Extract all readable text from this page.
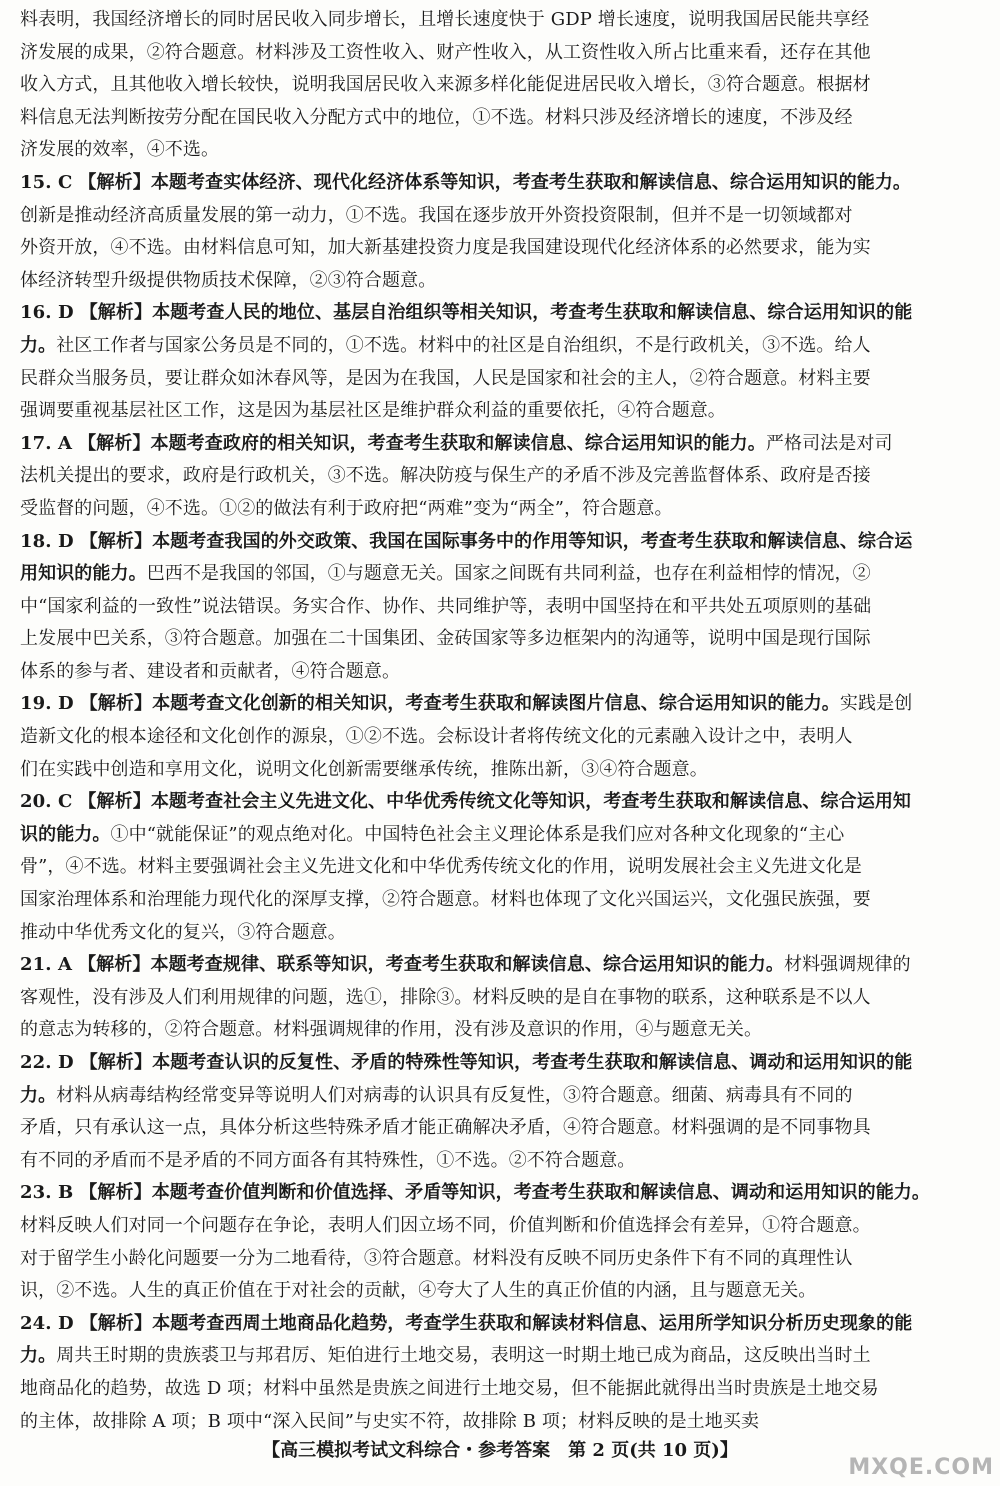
料表明，我国经济增长的同时居民收入同步增长，且增长速度快于 GDP 增长速度，说明我国居民能共享经
济发展的成果，②符合题意。材料涉及工资性收入、财产性收入，从工资性收入所占比重来看，还存在其他
收入方式，且其他收入增长较快，说明我国居民收入来源多样化能促进居民收入增长，③符合题意。根据材
料信息无法判断按劳分配在国民收入分配方式中的地位，①不选。材料只涉及经济增长的速度，不涉及经
济发展的效率，④不选。
15. C 【解析】本题考查实体经济、现代化经济体系等知识，考查考生获取和解读信息、综合运用知识的能力。
创新是推动经济高质量发展的第一动力，①不选。我国在逐步放开外资投资限制，但并不是一切领域都对
外资开放，④不选。由材料信息可知，加大新基建投资力度是我国建设现代化经济体系的必然要求，能为实
体经济转型升级提供物质技术保障，②③符合题意。
16. D 【解析】本题考查人民的地位、基层自治组织等相关知识，考查考生获取和解读信息、综合运用知识的能
力。社区工作者与国家公务员是不同的，①不选。材料中的社区是自治组织，不是行政机关，③不选。给人
民群众当服务员，要让群众如沐春风等，是因为在我国，人民是国家和社会的主人，②符合题意。材料主要
强调要重视基层社区工作，这是因为基层社区是维护群众利益的重要依托，④符合题意。
17. A 【解析】本题考查政府的相关知识，考查考生获取和解读信息、综合运用知识的能力。严格司法是对司
法机关提出的要求，政府是行政机关，③不选。解决防疫与保生产的矛盾不涉及完善监督体系、政府是否接
受监督的问题，④不选。①②的做法有利于政府把“两难”变为“两全”，符合题意。
18. D 【解析】本题考查我国的外交政策、我国在国际事务中的作用等知识，考查考生获取和解读信息、综合运
用知识的能力。巴西不是我国的邻国，①与题意无关。国家之间既有共同利益，也存在利益相悖的情况，②
中“国家利益的一致性”说法错误。务实合作、协作、共同维护等，表明中国坚持在和平共处五项原则的基础
上发展中巴关系，③符合题意。加强在二十国集团、金砖国家等多边框架内的沟通等，说明中国是现行国际
体系的参与者、建设者和贡献者，④符合题意。
19. D 【解析】本题考查文化创新的相关知识，考查考生获取和解读图片信息、综合运用知识的能力。实践是创
造新文化的根本途径和文化创作的源泉，①②不选。会标设计者将传统文化的元素融入设计之中，表明人
们在实践中创造和享用文化，说明文化创新需要继承传统，推陈出新，③④符合题意。
20. C 【解析】本题考查社会主义先进文化、中华优秀传统文化等知识，考查考生获取和解读信息、综合运用知
识的能力。①中“就能保证”的观点绝对化。中国特色社会主义理论体系是我们应对各种文化现象的“主心
骨”，④不选。材料主要强调社会主义先进文化和中华优秀传统文化的作用，说明发展社会主义先进文化是
国家治理体系和治理能力现代化的深厚支撑，②符合题意。材料也体现了文化兴国运兴，文化强民族强，要
推动中华优秀文化的复兴，③符合题意。
21. A 【解析】本题考查规律、联系等知识，考查考生获取和解读信息、综合运用知识的能力。材料强调规律的
客观性，没有涉及人们利用规律的问题，选①，排除③。材料反映的是自在事物的联系，这种联系是不以人
的意志为转移的，②符合题意。材料强调规律的作用，没有涉及意识的作用，④与题意无关。
22. D 【解析】本题考查认识的反复性、矛盾的特殊性等知识，考查考生获取和解读信息、调动和运用知识的能
力。材料从病毒结构经常变异等说明人们对病毒的认识具有反复性，③符合题意。细菌、病毒具有不同的
矛盾，只有承认这一点，具体分析这些特殊矛盾才能正确解决矛盾，④符合题意。材料强调的是不同事物具
有不同的矛盾而不是矛盾的不同方面各有其特殊性，①不选。②不符合题意。
23. B 【解析】本题考查价值判断和价值选择、矛盾等知识，考查考生获取和解读信息、调动和运用知识的能力。
材料反映人们对同一个问题存在争论，表明人们因立场不同，价值判断和价值选择会有差异，①符合题意。
对于留学生小龄化问题要一分为二地看待，③符合题意。材料没有反映不同历史条件下有不同的真理性认
识，②不选。人生的真正价值在于对社会的贡献，④夸大了人生的真正价值的内涵，且与题意无关。
24. D 【解析】本题考查西周土地商品化趋势，考查学生获取和解读材料信息、运用所学知识分析历史现象的能
力。周共王时期的贵族裘卫与邦君厉、矩伯进行土地交易，表明这一时期土地已成为商品，这反映出当时土
地商品化的趋势，故选 D 项；材料中虽然是贵族之间进行土地交易，但不能据此就得出当时贵族是土地交易
的主体，故排除 A 项；B 项中“深入民间”与史实不符，故排除 B 项；材料反映的是土地买卖
【高三模拟考试文科综合・参考答案　第 2 页(共 10 页)】
MXQE.COM
